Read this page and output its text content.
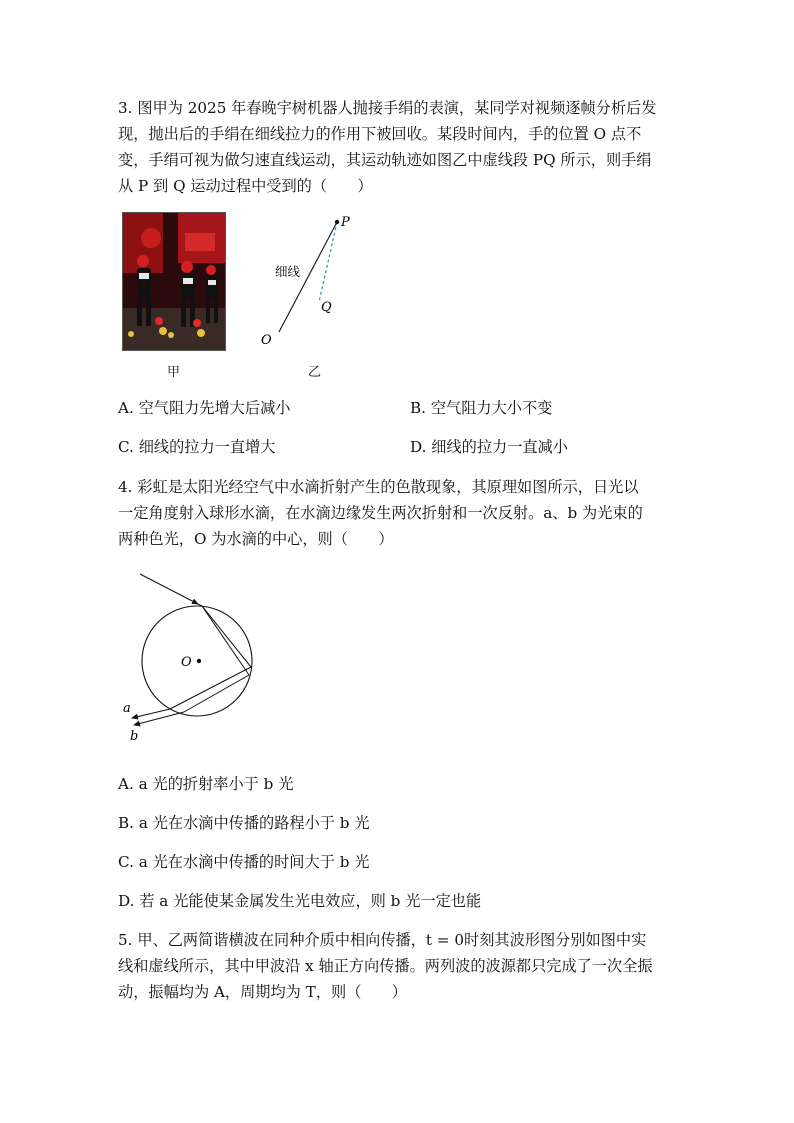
3. 图甲为 2025 年春晚宇树机器人抛接手绢的表演，某同学对视频逐帧分析后发
现，抛出后的手绢在细线拉力的作用下被回收。某段时间内，手的位置 O 点不
变，手绢可视为做匀速直线运动，其运动轨迹如图乙中虚线段 PQ 所示，则手绢
从 P 到 Q 运动过程中受到的（　　）
甲
P
Q
O
细线
乙
A. 空气阻力先增大后减小	B. 空气阻力大小不变
C. 细线的拉力一直增大	D. 细线的拉力一直减小
4. 彩虹是太阳光经空气中水滴折射产生的色散现象，其原理如图所示，日光以
一定角度射入球形水滴，在水滴边缘发生两次折射和一次反射。a、b 为光束的
两种色光，O 为水滴的中心，则（　　）
O
a
b
A. a 光的折射率小于 b 光
B. a 光在水滴中传播的路程小于 b 光
C. a 光在水滴中传播的时间大于 b 光
D. 若 a 光能使某金属发生光电效应，则 b 光一定也能
5. 甲、乙两简谐横波在同种介质中相向传播，t = 0时刻其波形图分别如图中实
线和虚线所示，其中甲波沿 x 轴正方向传播。两列波的波源都只完成了一次全振
动，振幅均为 A，周期均为 T，则（　　）
